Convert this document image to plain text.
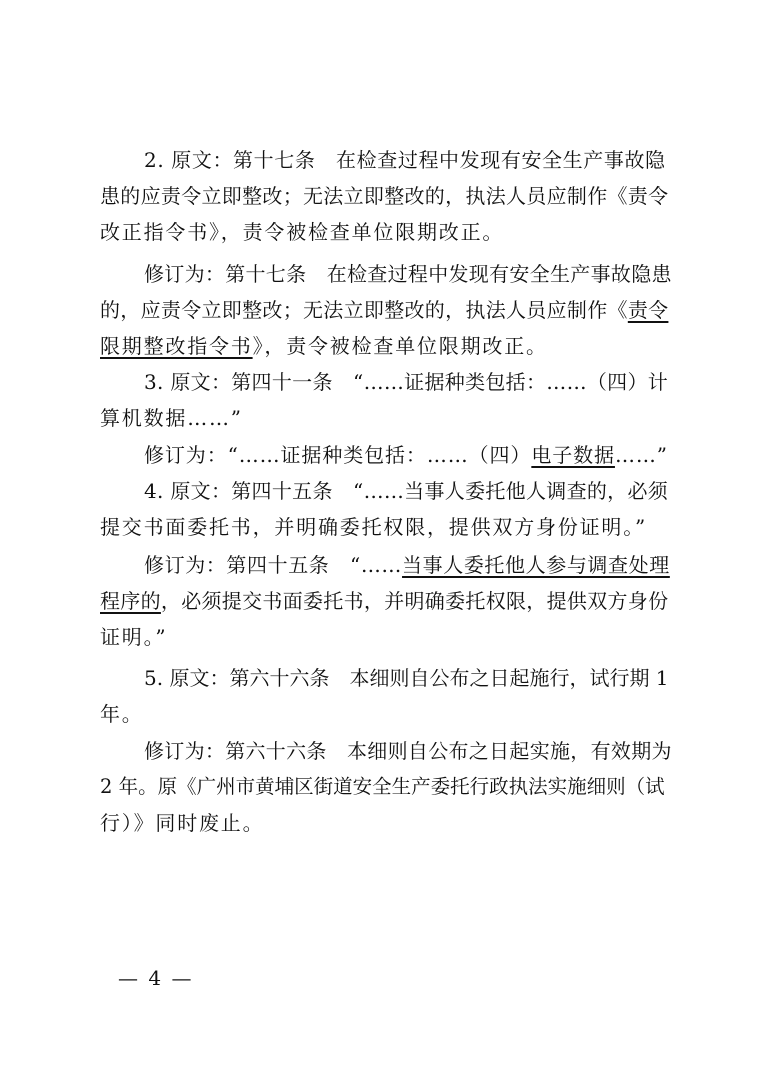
2. 原文：第十七条　在检查过程中发现有安全生产事故隐
患的应责令立即整改；无法立即整改的，执法人员应制作《责令
改正指令书》，责令被检查单位限期改正。
修订为：第十七条　在检查过程中发现有安全生产事故隐患
的，应责令立即整改；无法立即整改的，执法人员应制作《责令
限期整改指令书》，责令被检查单位限期改正。
3. 原文：第四十一条　“……证据种类包括：……（四）计
算机数据……”
修订为：“……证据种类包括：……（四）电子数据……”
4. 原文：第四十五条　“……当事人委托他人调查的，必须
提交书面委托书，并明确委托权限，提供双方身份证明。”
修订为：第四十五条　“……当事人委托他人参与调查处理
程序的，必须提交书面委托书，并明确委托权限，提供双方身份
证明。”
5. 原文：第六十六条　本细则自公布之日起施行，试行期 1
年。
修订为：第六十六条　本细则自公布之日起实施，有效期为
2 年。原《广州市黄埔区街道安全生产委托行政执法实施细则（试
行）》同时废止。
— 4 —
